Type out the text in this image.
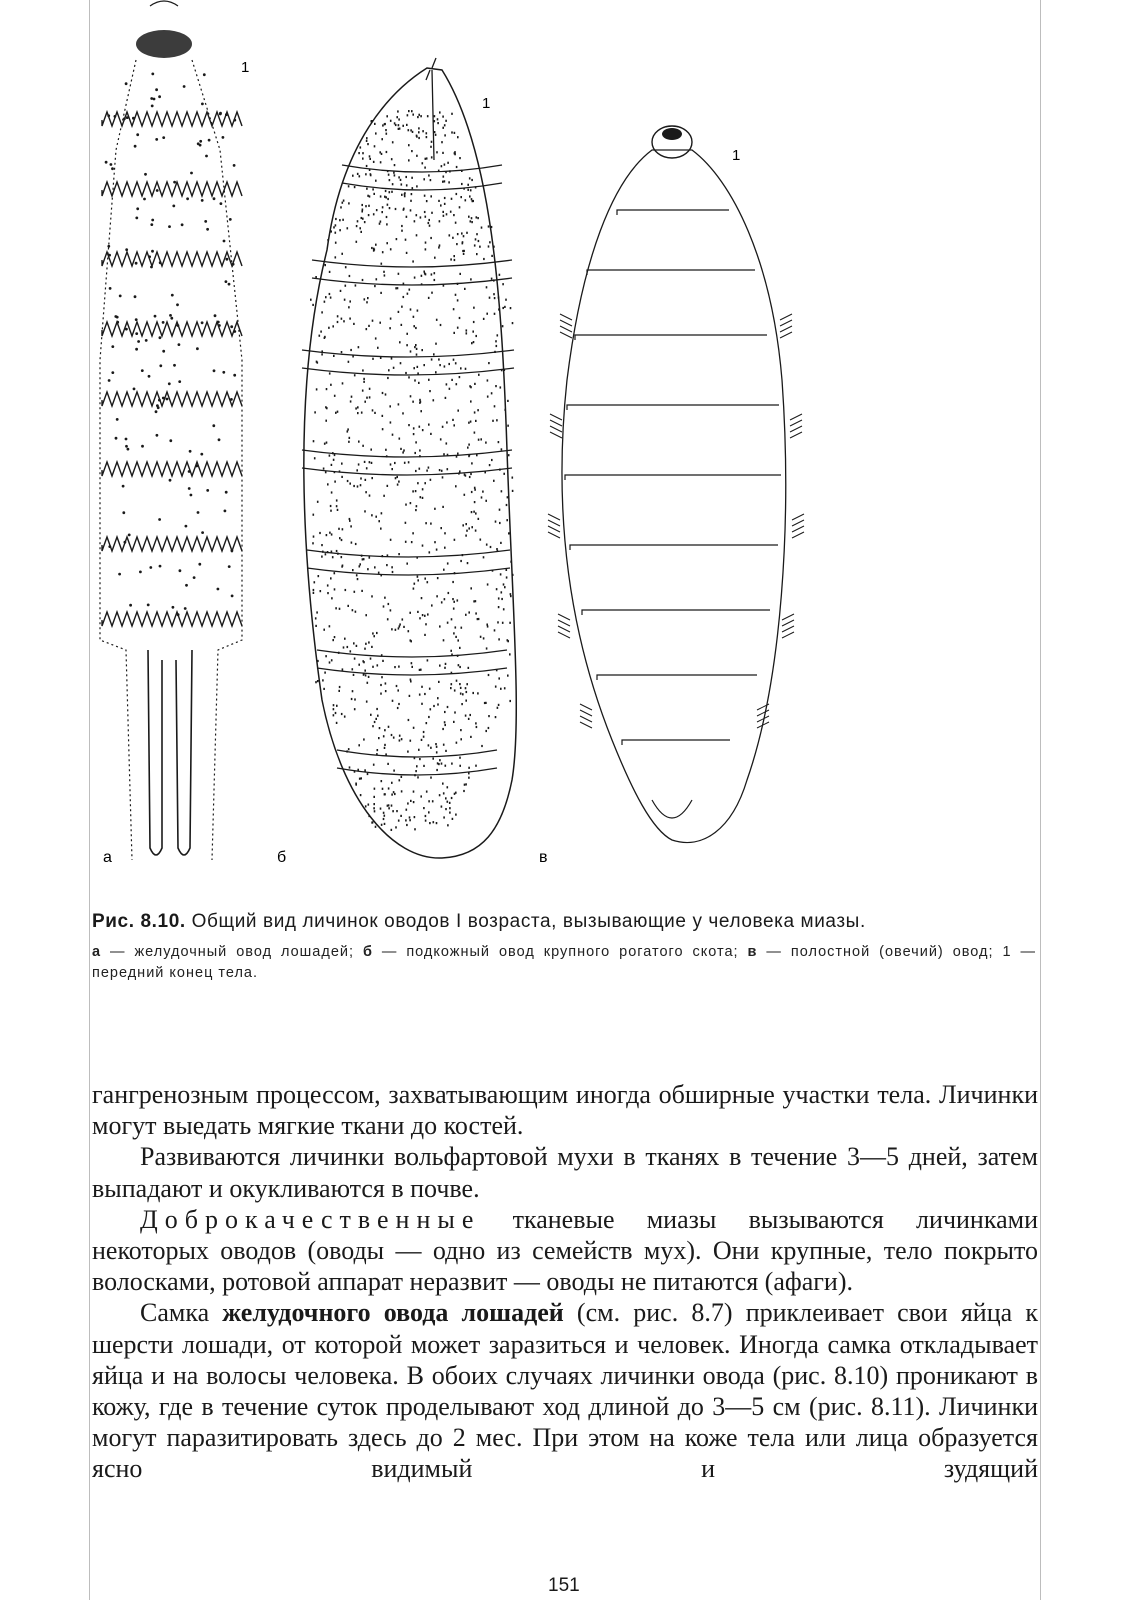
а	б	в
1
1
1

Рис. 8.10. Общий вид личинок оводов I возраста, вызывающие у человека миазы.

а — желудочный овод лошадей; б — подкожный овод крупного рогатого скота; в — полостной (овечий) овод; 1 — передний конец тела.

гангренозным процессом, захватывающим иногда обширные участки тела. Личинки могут выедать мягкие ткани до костей.

Развиваются личинки вольфартовой мухи в тканях в течение 3—5 дней, затем выпадают и окукливаются в почве.

Доброкачественные тканевые миазы вызываются личинками некоторых оводов (оводы — одно из семейств мух). Они крупные, тело покрыто волосками, ротовой аппарат неразвит — оводы не питаются (афаги).

Самка желудочного овода лошадей (см. рис. 8.7) приклеивает свои яйца к шерсти лошади, от которой может заразиться и человек. Иногда самка откладывает яйца и на волосы человека. В обоих случаях личинки овода (рис. 8.10) проникают в кожу, где в течение суток проделывают ход длиной до 3—5 см (рис. 8.11). Личинки могут паразитировать здесь до 2 мес. При этом на коже тела или лица образуется ясно видимый и зудящий

151
